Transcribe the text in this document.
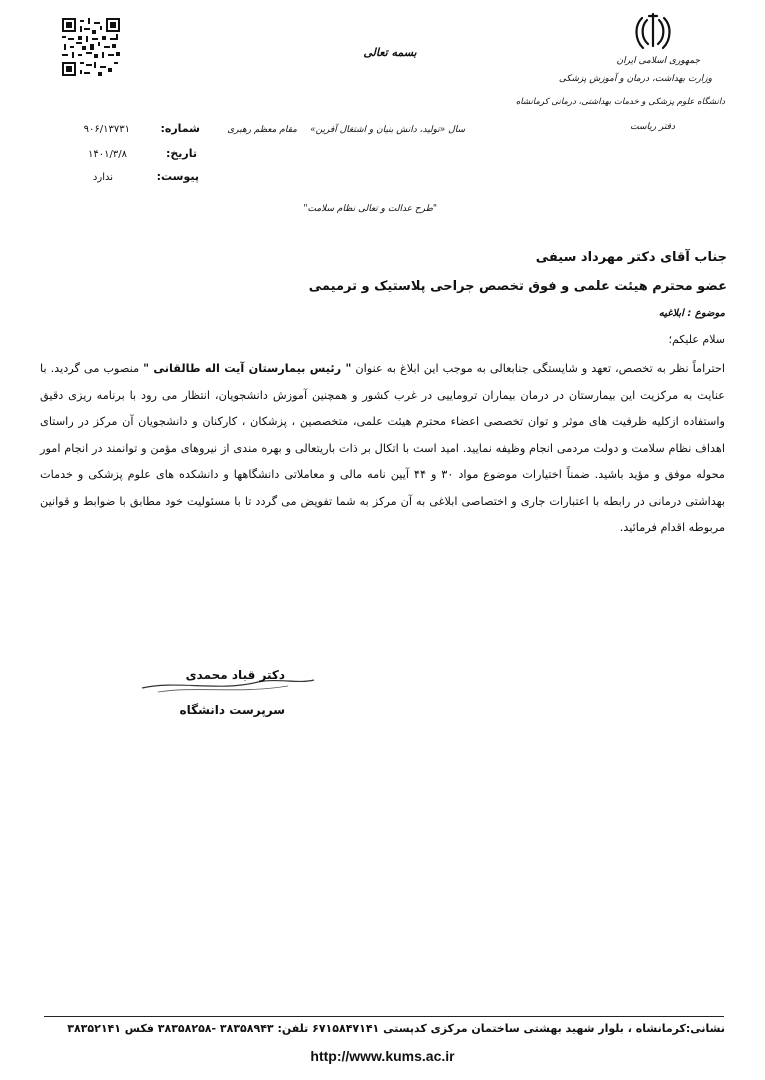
جمهوری اسلامی ایران
وزارت بهداشت، درمان و آموزش پزشکی
دانشگاه علوم پزشکی و خدمات بهداشتی، درمانی کرمانشاه
دفتر ریاست
بسمه تعالی
سال «تولید، دانش بنیان و اشتغال آفرین»
مقام معظم رهبری
شماره:
۹۰۶/۱۳۷۳۱
تاریخ:
۱۴۰۱/۳/۸
پیوست:
ندارد
"طرح عدالت و تعالی نظام سلامت"
جناب آقای دکتر مهرداد سیفی
عضو محترم هیئت علمی و فوق تخصص جراحی پلاستیک و ترمیمی
موضوع : ابلاغیه
سلام علیکم؛
احتراماً نظر به تخصص، تعهد و شایستگی جنابعالی به موجب این ابلاغ به عنوان " رئیس بیمارستان آیت اله طالقانی " منصوب می گردید. با عنایت به مرکزیت این بیمارستان در درمان بیماران تروماییی در غرب کشور و همچنین آموزش دانشجویان، انتظار می رود با برنامه ریزی دقیق واستفاده ازکلیه ظرفیت های موثر و توان تخصصی اعضاء محترم هیئت علمی، متخصصین ، پزشکان ، کارکنان و دانشجویان آن مرکز در راستای اهداف نظام سلامت و دولت مردمی انجام وظیفه نمایید. امید است با اتکال بر ذات باریتعالی و بهره مندی از نیروهای مؤمن و توانمند در انجام امور محوله موفق و مؤید باشید. ضمناً اختیارات موضوع مواد ۳۰ و ۴۴ آیین نامه مالی و معاملاتی دانشگاهها و دانشکده های علوم پزشکی و خدمات بهداشتی درمانی در رابطه با اعتبارات جاری و اختصاصی ابلاغی به آن مرکز به شما تفویض می گردد تا با مسئولیت خود مطابق با ضوابط و قوانین مربوطه اقدام فرمائید.
دکتر قباد محمدی
سرپرست دانشگاه
نشانی:کرمانشاه ، بلوار شهید بهشتی ساختمان مرکزی کدپستی ۶۷۱۵۸۴۷۱۴۱ تلفن: ۳۸۳۵۸۹۴۳ -۳۸۳۵۸۲۵۸ فکس ۳۸۳۵۲۱۴۱
http://www.kums.ac.ir
